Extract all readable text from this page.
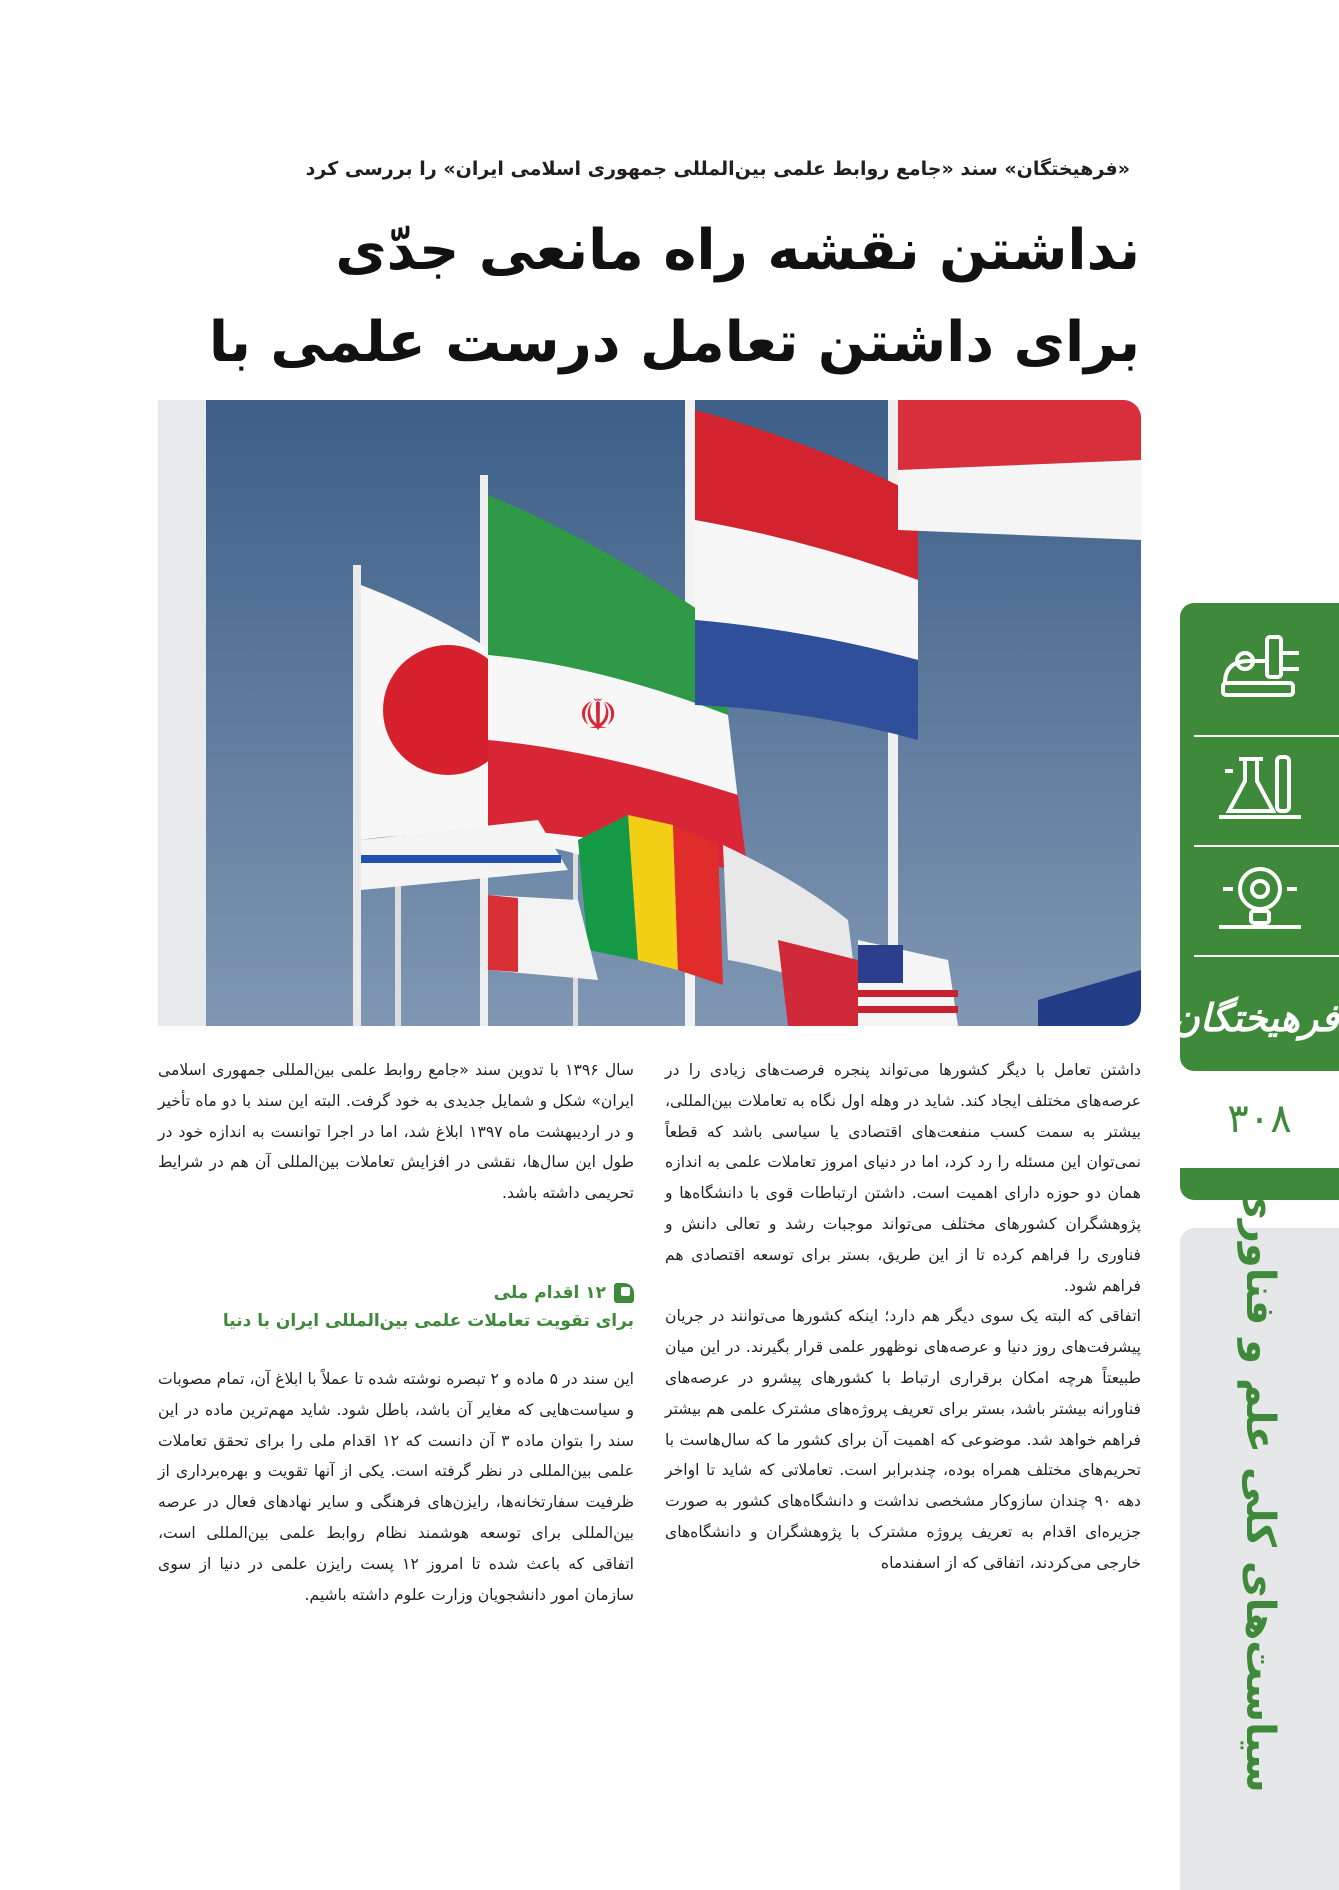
«فرهیختگان» سند «جامع روابط علمی بین‌المللی جمهوری اسلامی ایران» را بررسی کرد
نداشتن نقشه راه مانعی جدّی
برای داشتن تعامل درست علمی با
☫

داشتن تعامل با دیگر کشورها می‌تواند پنجره فرصت‌های زیادی را در عرصه‌های مختلف ایجاد کند. شاید در وهله اول نگاه به تعاملات بین‌المللی، بیشتر به سمت کسب منفعت‌های اقتصادی یا سیاسی باشد که قطعاً نمی‌توان این مسئله را رد کرد، اما در دنیای امروز تعاملات علمی به اندازه همان دو حوزه دارای اهمیت است. داشتن ارتباطات قوی با دانشگاه‌ها و پژوهشگران کشورهای مختلف می‌تواند موجبات رشد و تعالی دانش و فناوری را فراهم کرده تا از این طریق، بستر برای توسعه اقتصادی هم فراهم شود.

اتفاقی که البته یک سوی دیگر هم دارد؛ اینکه کشورها می‌توانند در جریان پیشرفت‌های روز دنیا و عرصه‌های نوظهور علمی قرار بگیرند. در این میان طبیعتاً هرچه امکان برقراری ارتباط با کشورهای پیشرو در عرصه‌های فناورانه بیشتر باشد، بستر برای تعریف پروژه‌های مشترک علمی هم بیشتر فراهم خواهد شد. موضوعی که اهمیت آن برای کشور ما که سال‌هاست با تحریم‌های مختلف همراه بوده، چندبرابر است. تعاملاتی که شاید تا اواخر دهه ۹۰ چندان سازوکار مشخصی نداشت و دانشگاه‌های کشور به صورت جزیره‌ای اقدام به تعریف پروژه مشترک با پژوهشگران و دانشگاه‌های خارجی می‌کردند، اتفاقی که از اسفندماه

سال ۱۳۹۶ با تدوین سند «جامع روابط علمی بین‌المللی جمهوری اسلامی ایران» شکل و شمایل جدیدی به خود گرفت. البته این سند با دو ماه تأخیر و در اردیبهشت ماه ۱۳۹۷ ابلاغ شد، اما در اجرا توانست به اندازه خود در طول این سال‌ها، نقشی در افزایش تعاملات بین‌المللی آن هم در شرایط تحریمی داشته باشد.

۱۲ اقدام ملی
برای تقویت تعاملات علمی بین‌المللی ایران با دنیا

این سند در ۵ ماده و ۲ تبصره نوشته شده تا عملاً با ابلاغ آن، تمام مصوبات و سیاست‌هایی که مغایر آن باشد، باطل شود. شاید مهم‌ترین ماده در این سند را بتوان ماده ۳ آن دانست که ۱۲ اقدام ملی را برای تحقق تعاملات علمی بین‌المللی در نظر گرفته است. یکی از آنها تقویت و بهره‌برداری از ظرفیت سفارتخانه‌ها، رایزن‌های فرهنگی و سایر نهادهای فعال در عرصه بین‌المللی برای توسعه هوشمند نظام روابط علمی بین‌المللی است، اتفاقی که باعث شده تا امروز ۱۲ پست رایزن علمی در دنیا از سوی سازمان امور دانشجویان وزارت علوم داشته باشیم.

فرهیختگان
۳۰۸
سیاست‌های کلی علم و فناوری
